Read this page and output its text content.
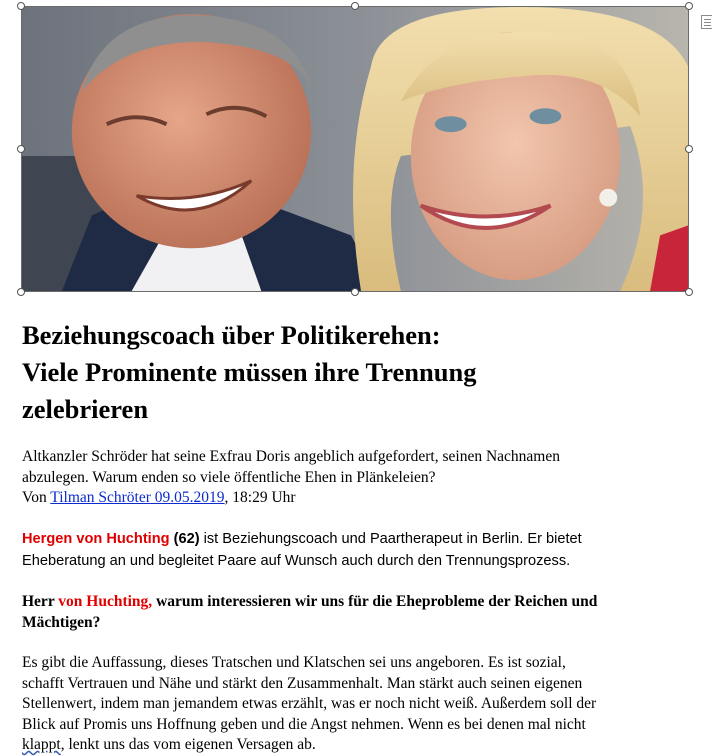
Beziehungscoach über Politikerehen:
Viele Prominente müssen ihre Trennung
zelebrieren

Altkanzler Schröder hat seine Exfrau Doris angeblich aufgefordert, seinen Nachnamen
abzulegen. Warum enden so viele öffentliche Ehen in Plänkeleien?

Von Tilman Schröter 09.05.2019, 18:29 Uhr

Hergen von Huchting (62) ist Beziehungscoach und Paartherapeut in Berlin. Er bietet
Eheberatung an und begleitet Paare auf Wunsch auch durch den Trennungsprozess.

Herr von Huchting, warum interessieren wir uns für die Eheprobleme der Reichen und
Mächtigen?

Es gibt die Auffassung, dieses Tratschen und Klatschen sei uns angeboren. Es ist sozial,
schafft Vertrauen und Nähe und stärkt den Zusammenhalt. Man stärkt auch seinen eigenen
Stellenwert, indem man jemandem etwas erzählt, was er noch nicht weiß. Außerdem soll der
Blick auf Promis uns Hoffnung geben und die Angst nehmen. Wenn es bei denen mal nicht
klappt, lenkt uns das vom eigenen Versagen ab.
